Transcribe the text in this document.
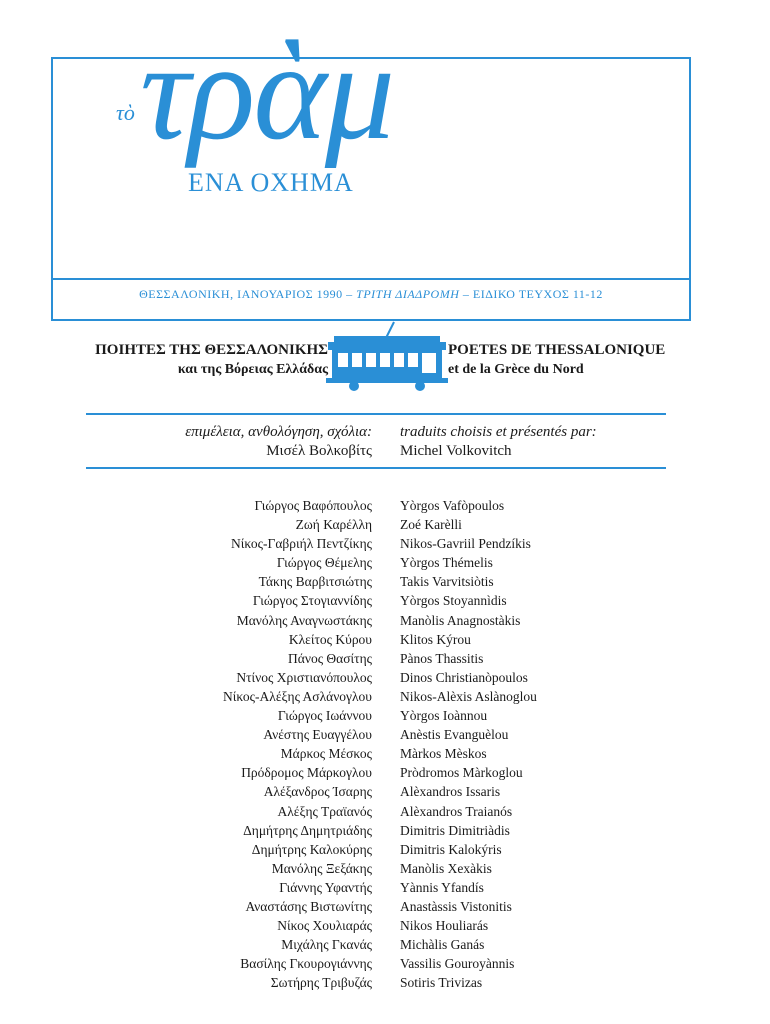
τὸ τρὰμ
ΕΝΑ ΟΧΗΜΑ
ΘΕΣΣΑΛΟΝΙΚΗ, ΙΑΝΟΥΑΡΙΟΣ 1990 – ΤΡΙΤΗ ΔΙΑΔΡΟΜΗ – ΕΙΔΙΚΟ ΤΕΥΧΟΣ 11-12
ΠΟΙΗΤΕΣ ΤΗΣ ΘΕΣΣΑΛΟΝΙΚΗΣ
και της Βόρειας Ελλάδας
POETES DE THESSALONIQUE
et de la Grèce du Nord
επιμέλεια, ανθολόγηση, σχόλια:
Μισέλ Βολκοβίτς
traduits choisis et présentés par:
Michel Volkovitch
Γιώργος Βαφόπουλος Yòrgos Vafòpoulos
Ζωή Καρέλλη Zoé Karèlli
Νίκος-Γαβριήλ Πεντζίκης Nikos-Gavriil Pendzíkis
Γιώργος Θέμελης Yòrgos Thémelis
Τάκης Βαρβιτσιώτης Takis Varvitsiòtis
Γιώργος Στογιαννίδης Yòrgos Stoyannìdis
Μανόλης Αναγνωστάκης Manòlis Anagnostàkis
Κλείτος Κύρου Klitos Kýrou
Πάνος Θασίτης Pànos Thassitis
Ντίνος Χριστιανόπουλος Dinos Christianòpoulos
Νίκος-Αλέξης Ασλάνογλου Nikos-Alèxis Aslànoglou
Γιώργος Ιωάννου Yòrgos Ioànnou
Ανέστης Ευαγγέλου Anèstis Evanguèlou
Μάρκος Μέσκος Màrkos Mèskos
Πρόδρομος Μάρκογλου Pròdromos Màrkoglou
Αλέξανδρος Ίσαρης Alèxandros Issaris
Αλέξης Τραϊανός Alèxandros Traianós
Δημήτρης Δημητριάδης Dimitris Dimitriàdis
Δημήτρης Καλοκύρης Dimitris Kalokýris
Μανόλης Ξεξάκης Manòlis Xexàkis
Γιάννης Υφαντής Yànnis Yfandís
Αναστάσης Βιστωνίτης Anastàssis Vistonitis
Νίκος Χουλιαράς Nikos Houliarás
Μιχάλης Γκανάς Michàlis Ganás
Βασίλης Γκουρογιάννης Vassilis Gouroyànnis
Σωτήρης Τριβυζάς Sotiris Trivizas
